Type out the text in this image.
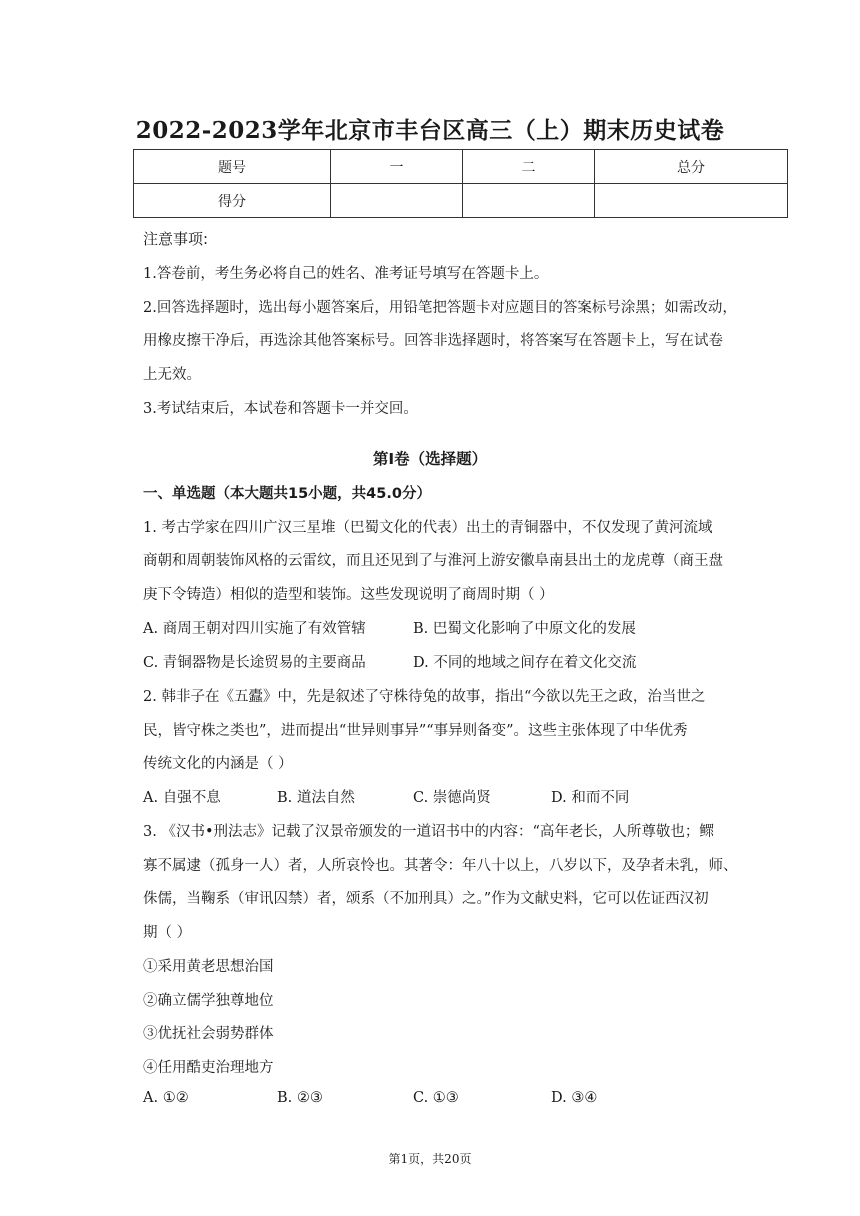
2022-2023学年北京市丰台区高三（上）期末历史试卷
题号	一	二	总分
得分			
注意事项:
1.答卷前，考生务必将自己的姓名、准考证号填写在答题卡上。
2.回答选择题时，选出每小题答案后，用铅笔把答题卡对应题目的答案标号涂黑；如需改动，
用橡皮擦干净后，再选涂其他答案标号。回答非选择题时，将答案写在答题卡上，写在试卷
上无效。
3.考试结束后，本试卷和答题卡一并交回。
第I卷（选择题）
一、单选题（本大题共15小题，共45.0分）
1. 考古学家在四川广汉三星堆（巴蜀文化的代表）出土的青铜器中，不仅发现了黄河流域
商朝和周朝装饰风格的云雷纹，而且还见到了与淮河上游安徽阜南县出土的龙虎尊（商王盘
庚下令铸造）相似的造型和装饰。这些发现说明了商周时期（ ）
A. 商周王朝对四川实施了有效管辖	B. 巴蜀文化影响了中原文化的发展
C. 青铜器物是长途贸易的主要商品	D. 不同的地域之间存在着文化交流
2. 韩非子在《五蠹》中，先是叙述了守株待兔的故事，指出“今欲以先王之政，治当世之
民，皆守株之类也”，进而提出“世异则事异”“事异则备变”。这些主张体现了中华优秀
传统文化的内涵是（ ）
A. 自强不息	B. 道法自然	C. 崇德尚贤	D. 和而不同
3. 《汉书•刑法志》记载了汉景帝颁发的一道诏书中的内容：“高年老长，人所尊敬也；鳏
寡不属逮（孤身一人）者，人所哀怜也。其著令：年八十以上，八岁以下，及孕者未乳，师、
侏儒，当鞠系（审讯囚禁）者，颂系（不加刑具）之。”作为文献史料，它可以佐证西汉初
期（ ）
①采用黄老思想治国
②确立儒学独尊地位
③优抚社会弱势群体
④任用酷吏治理地方
A. ①②	B. ②③	C. ①③	D. ③④
第1页，共20页
